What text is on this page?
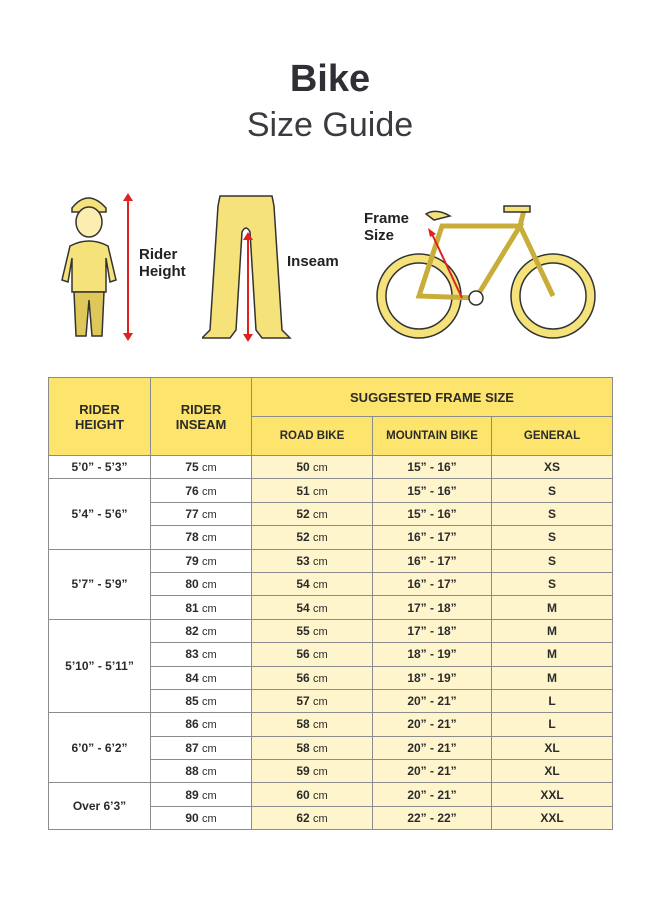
Bike
Size Guide
Rider
Height
Inseam
Frame
Size
RIDER
HEIGHT	RIDER
INSEAM	SUGGESTED FRAME SIZE		
		ROAD BIKE	MOUNTAIN BIKE	GENERAL
5’0” - 5’3”	75 cm	50 cm	15” - 16”	XS
5’4” - 5’6”	76 cm	51 cm	15” - 16”	S
	77 cm	52 cm	15” - 16”	S
	78 cm	52 cm	16” - 17”	S
5’7” - 5’9”	79 cm	53 cm	16” - 17”	S
	80 cm	54 cm	16” - 17”	S
	81 cm	54 cm	17” - 18”	M
5’10” - 5’11”	82 cm	55 cm	17” - 18”	M
	83 cm	56 cm	18” - 19”	M
	84 cm	56 cm	18” - 19”	M
	85 cm	57 cm	20” - 21”	L
6’0” - 6’2”	86 cm	58 cm	20” - 21”	L
	87 cm	58 cm	20” - 21”	XL
	88 cm	59 cm	20” - 21”	XL
Over 6’3”	89 cm	60 cm	20” - 21”	XXL
	90 cm	62 cm	22” - 22”	XXL
